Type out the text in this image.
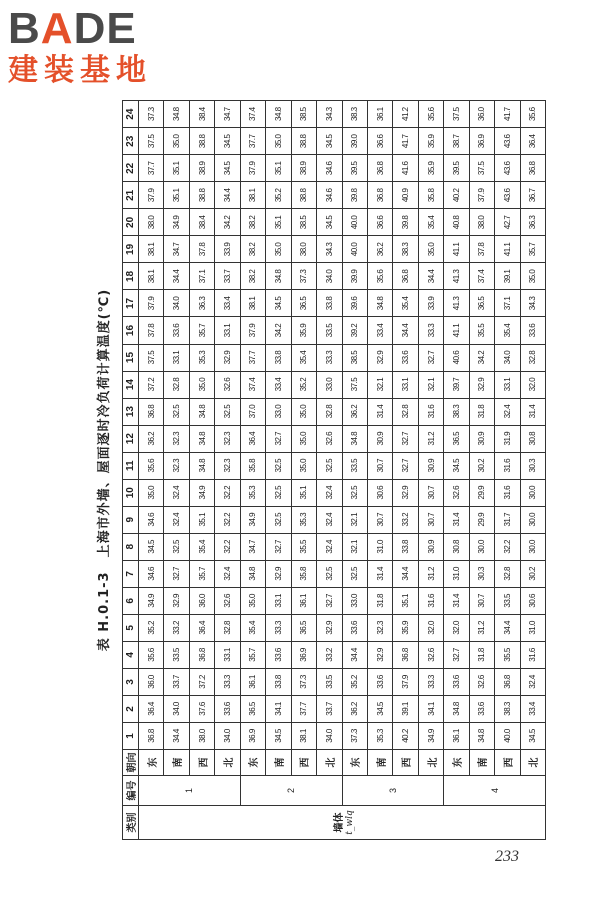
BADE
建装基地
表 H.0.1-3上海市外墙、屋面逐时冷负荷计算温度(℃)
类别	编号	朝向	1	2	3	4	5	6	7	8	9	10	11	12	13	14	15	16	17	18	19	20	21	22	23	24

墙体 t_wlq	1	东	36.8	36.4	36.0	35.6	35.2	34.9	34.6	34.5	34.6	35.0	35.6	36.2	36.8	37.2	37.5	37.8	37.9	38.1	38.1	38.0	37.9	37.7	37.5	37.3
		南	34.4	34.0	33.7	33.5	33.2	32.9	32.7	32.5	32.4	32.4	32.3	32.3	32.5	32.8	33.1	33.6	34.0	34.4	34.7	34.9	35.1	35.1	35.0	34.8
		西	38.0	37.6	37.2	36.8	36.4	36.0	35.7	35.4	35.1	34.9	34.8	34.8	34.8	35.0	35.3	35.7	36.3	37.1	37.8	38.4	38.8	38.9	38.8	38.4
		北	34.0	33.6	33.3	33.1	32.8	32.6	32.4	32.2	32.2	32.2	32.3	32.3	32.5	32.6	32.9	33.1	33.4	33.7	33.9	34.2	34.4	34.5	34.5	34.7
	2	东	36.9	36.5	36.1	35.7	35.4	35.0	34.8	34.7	34.9	35.3	35.8	36.4	37.0	37.4	37.7	37.9	38.1	38.2	38.2	38.2	38.1	37.9	37.7	37.4
		南	34.5	34.1	33.8	33.6	33.3	33.1	32.9	32.7	32.5	32.5	32.5	32.7	33.0	33.4	33.8	34.2	34.5	34.8	35.0	35.1	35.2	35.1	35.0	34.8
		西	38.1	37.7	37.3	36.9	36.5	36.1	35.8	35.5	35.3	35.1	35.0	35.0	35.0	35.2	35.4	35.9	36.5	37.3	38.0	38.5	38.8	38.9	38.8	38.5
		北	34.0	33.7	33.5	33.2	32.9	32.7	32.5	32.4	32.4	32.4	32.5	32.6	32.8	33.0	33.3	33.5	33.8	34.0	34.3	34.5	34.6	34.6	34.5	34.3
	3	东	37.3	36.2	35.2	34.4	33.6	33.0	32.5	32.1	32.1	32.5	33.5	34.8	36.2	37.5	38.5	39.2	39.6	39.9	40.0	40.0	39.8	39.5	39.0	38.3
		南	35.3	34.5	33.6	32.9	32.3	31.8	31.4	31.0	30.7	30.6	30.7	30.9	31.4	32.1	32.9	33.4	34.8	35.6	36.2	36.6	36.8	36.8	36.6	36.1
		西	40.2	39.1	37.9	36.8	35.9	35.1	34.4	33.8	33.2	32.9	32.7	32.7	32.8	33.1	33.6	34.4	35.4	36.8	38.3	39.8	40.9	41.6	41.7	41.2
		北	34.9	34.1	33.3	32.6	32.0	31.6	31.2	30.9	30.7	30.7	30.9	31.2	31.6	32.1	32.7	33.3	33.9	34.4	35.0	35.4	35.8	35.9	35.9	35.6
	4	东	36.1	34.8	33.6	32.7	32.0	31.4	31.0	30.8	31.4	32.6	34.5	36.5	38.3	39.7	40.6	41.1	41.3	41.3	41.1	40.8	40.2	39.5	38.7	37.5
		南	34.8	33.6	32.6	31.8	31.2	30.7	30.3	30.0	29.9	29.9	30.2	30.9	31.8	32.9	34.2	35.5	36.5	37.4	37.8	38.0	37.9	37.5	36.9	36.0
		西	40.0	38.3	36.8	35.5	34.4	33.5	32.8	32.2	31.7	31.6	31.6	31.9	32.4	33.1	34.0	35.4	37.1	39.1	41.1	42.7	43.6	43.6	43.6	41.7
		北	34.5	33.4	32.4	31.6	31.0	30.6	30.2	30.0	30.0	30.0	30.3	30.8	31.4	32.0	32.8	33.6	34.3	35.0	35.7	36.3	36.7	36.8	36.4	35.6
233
